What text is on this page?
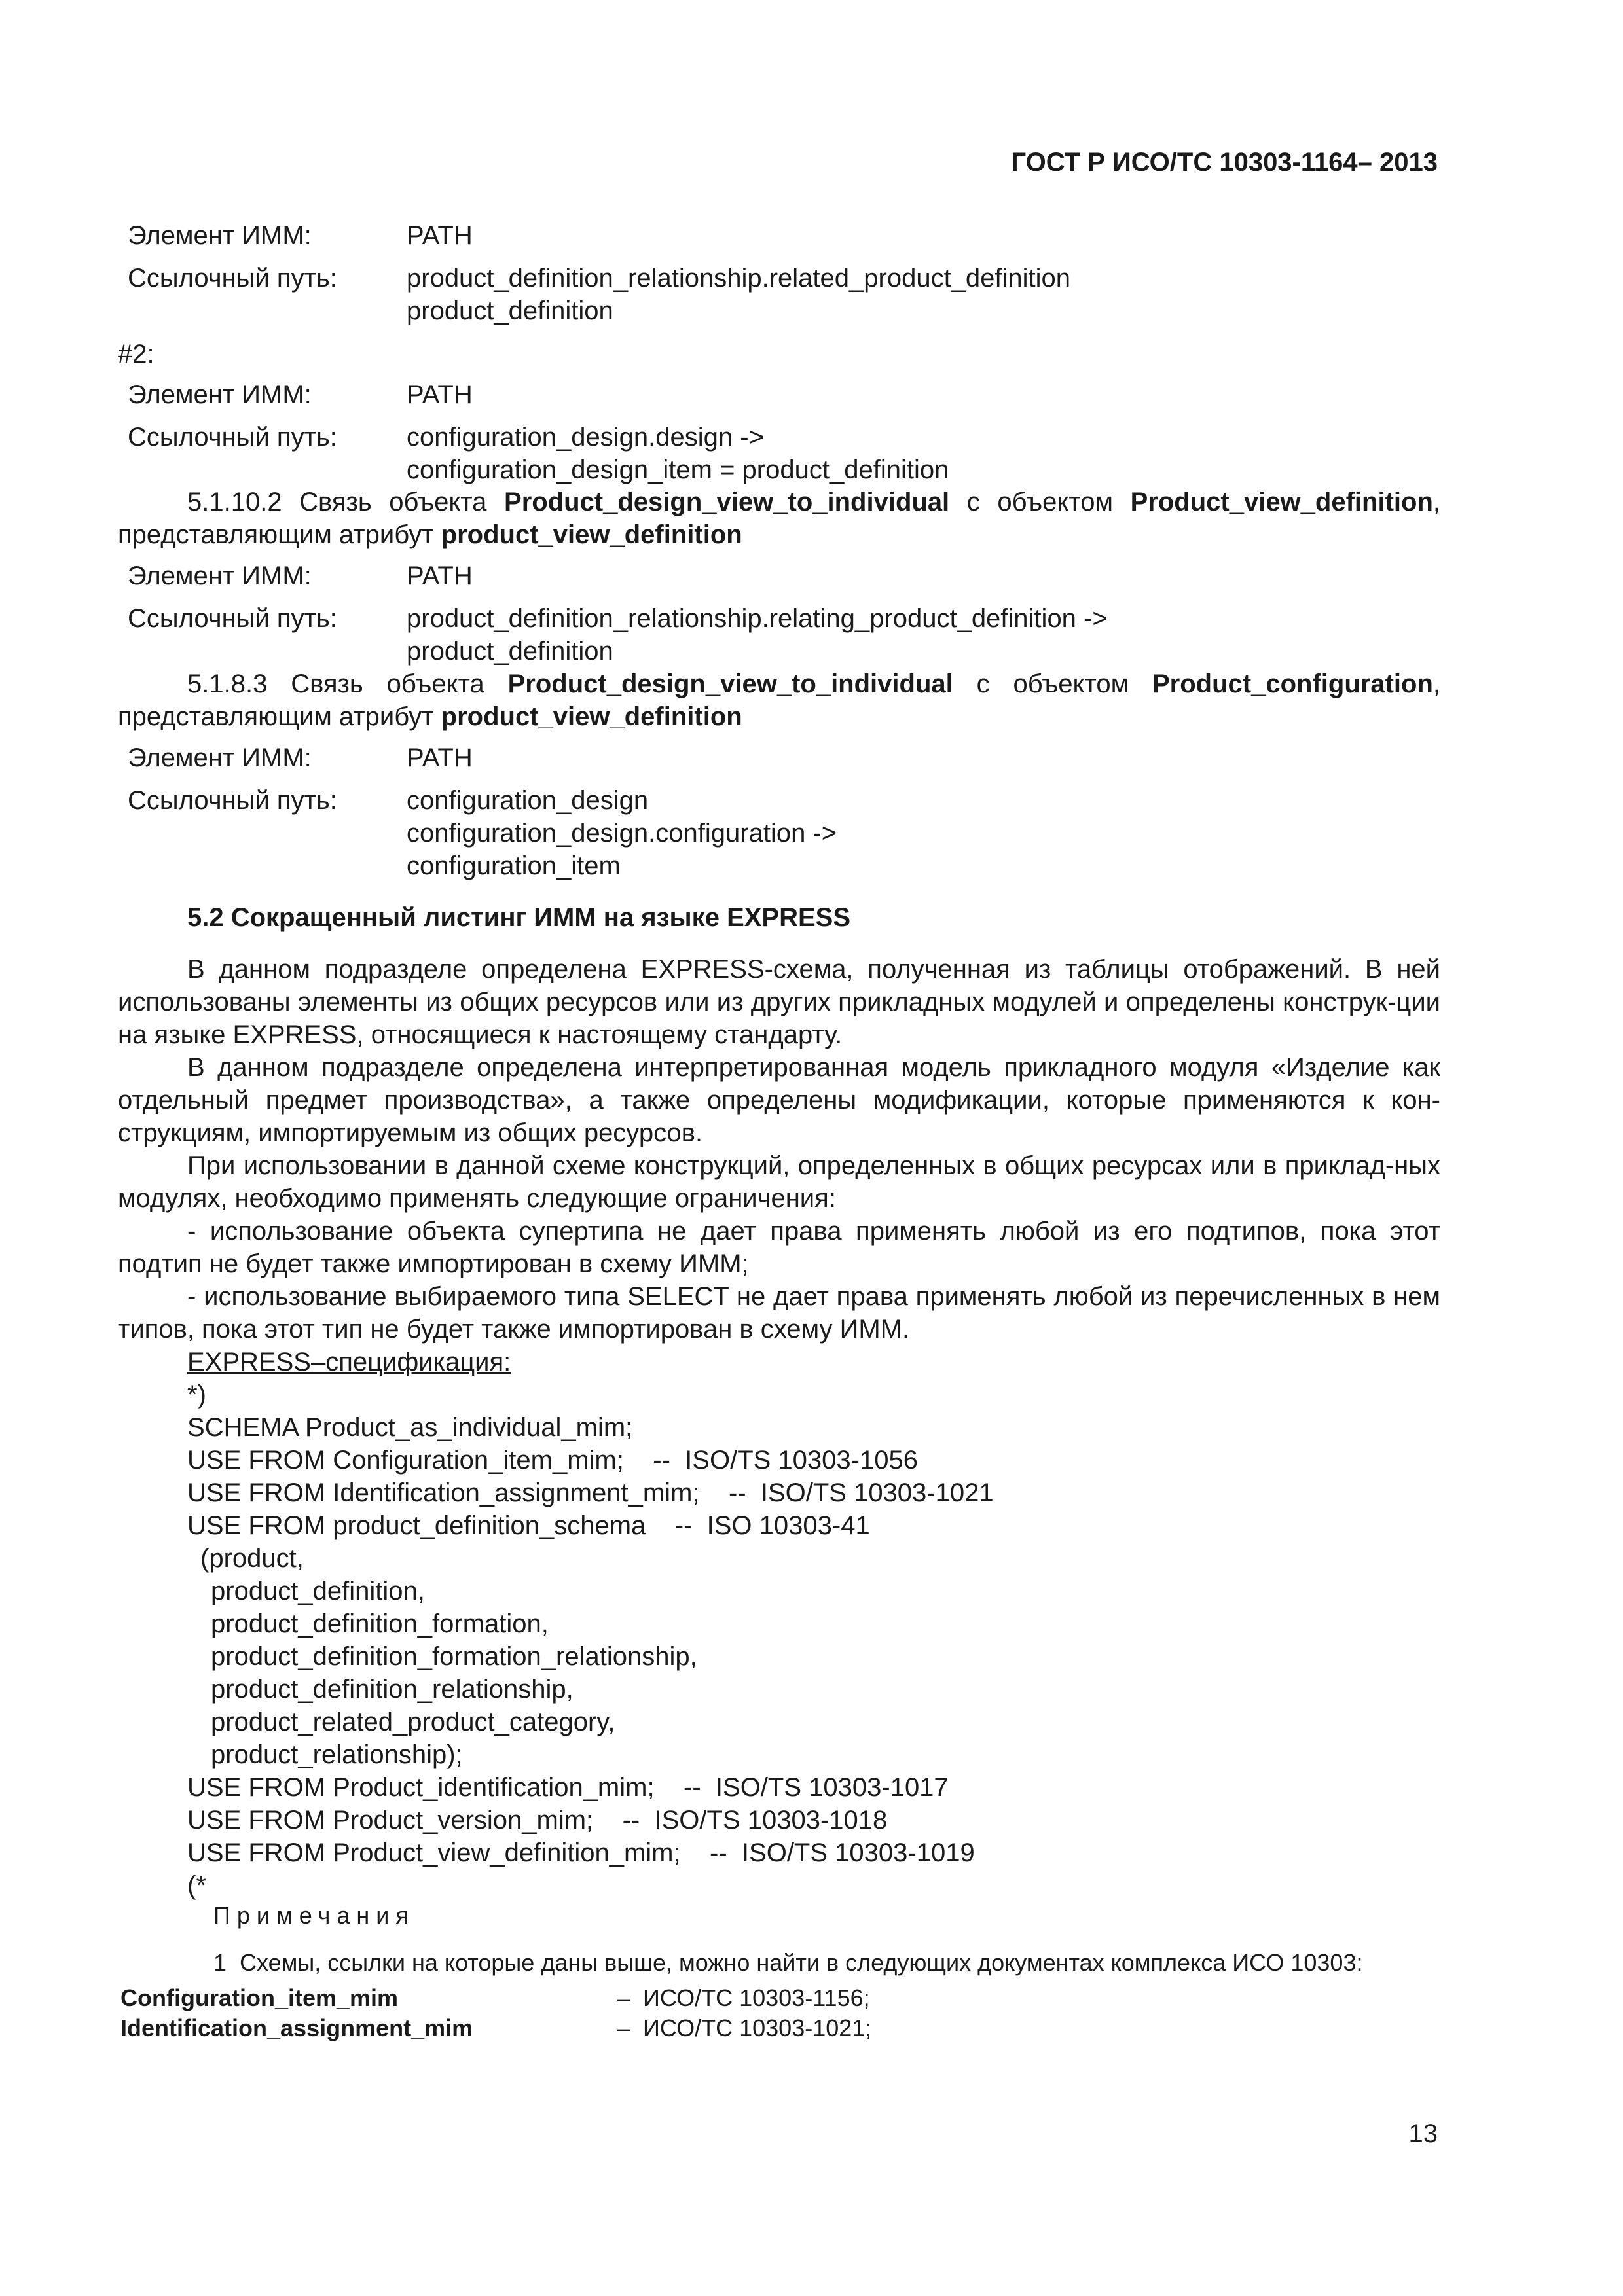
ГОСТ Р ИСО/ТС 10303-1164– 2013
Элемент ИММ:	PATH
Ссылочный путь:	product_definition_relationship.related_product_definition
product_definition
#2:
Элемент ИММ:	PATH
Ссылочный путь:	configuration_design.design ->
configuration_design_item = product_definition
5.1.10.2 Связь объекта Product_design_view_to_individual с объектом Product_view_definition, представляющим атрибут product_view_definition
Элемент ИММ:	PATH
Ссылочный путь:	product_definition_relationship.relating_product_definition ->
product_definition
5.1.8.3 Связь объекта Product_design_view_to_individual с объектом Product_configuration, представляющим атрибут product_view_definition
Элемент ИММ:	PATH
Ссылочный путь:	configuration_design
configuration_design.configuration ->
configuration_item
5.2 Сокращенный листинг ИММ на языке EXPRESS
В данном подразделе определена EXPRESS-схема, полученная из таблицы отображений. В ней использованы элементы из общих ресурсов или из других прикладных модулей и определены конструк-ции на языке EXPRESS, относящиеся к настоящему стандарту.
В данном подразделе определена интерпретированная модель прикладного модуля «Изделие как отдельный предмет производства», а также определены модификации, которые применяются к кон-струкциям, импортируемым из общих ресурсов.
При использовании в данной схеме конструкций, определенных в общих ресурсах или в приклад-ных модулях, необходимо применять следующие ограничения:
- использование объекта супертипа не дает права применять любой из его подтипов, пока этот подтип не будет также импортирован в схему ИММ;
- использование выбираемого типа SELECT не дает права применять любой из перечисленных в нем типов, пока этот тип не будет также импортирован в схему ИММ.
EXPRESS–спецификация:
*)
SCHEMA Product_as_individual_mim;
USE FROM Configuration_item_mim;    --  ISO/TS 10303-1056
USE FROM Identification_assignment_mim;    --  ISO/TS 10303-1021
USE FROM product_definition_schema    --  ISO 10303-41
(product,
product_definition,
product_definition_formation,
product_definition_formation_relationship,
product_definition_relationship,
product_related_product_category,
product_relationship);
USE FROM Product_identification_mim;    --  ISO/TS 10303-1017
USE FROM Product_version_mim;    --  ISO/TS 10303-1018
USE FROM Product_view_definition_mim;    --  ISO/TS 10303-1019
(*
Примечания
1  Схемы, ссылки на которые даны выше, можно найти в следующих документах комплекса ИСО 10303:
Configuration_item_mim	–  ИСО/ТС 10303-1156;
Identification_assignment_mim	–  ИСО/ТС 10303-1021;
13
